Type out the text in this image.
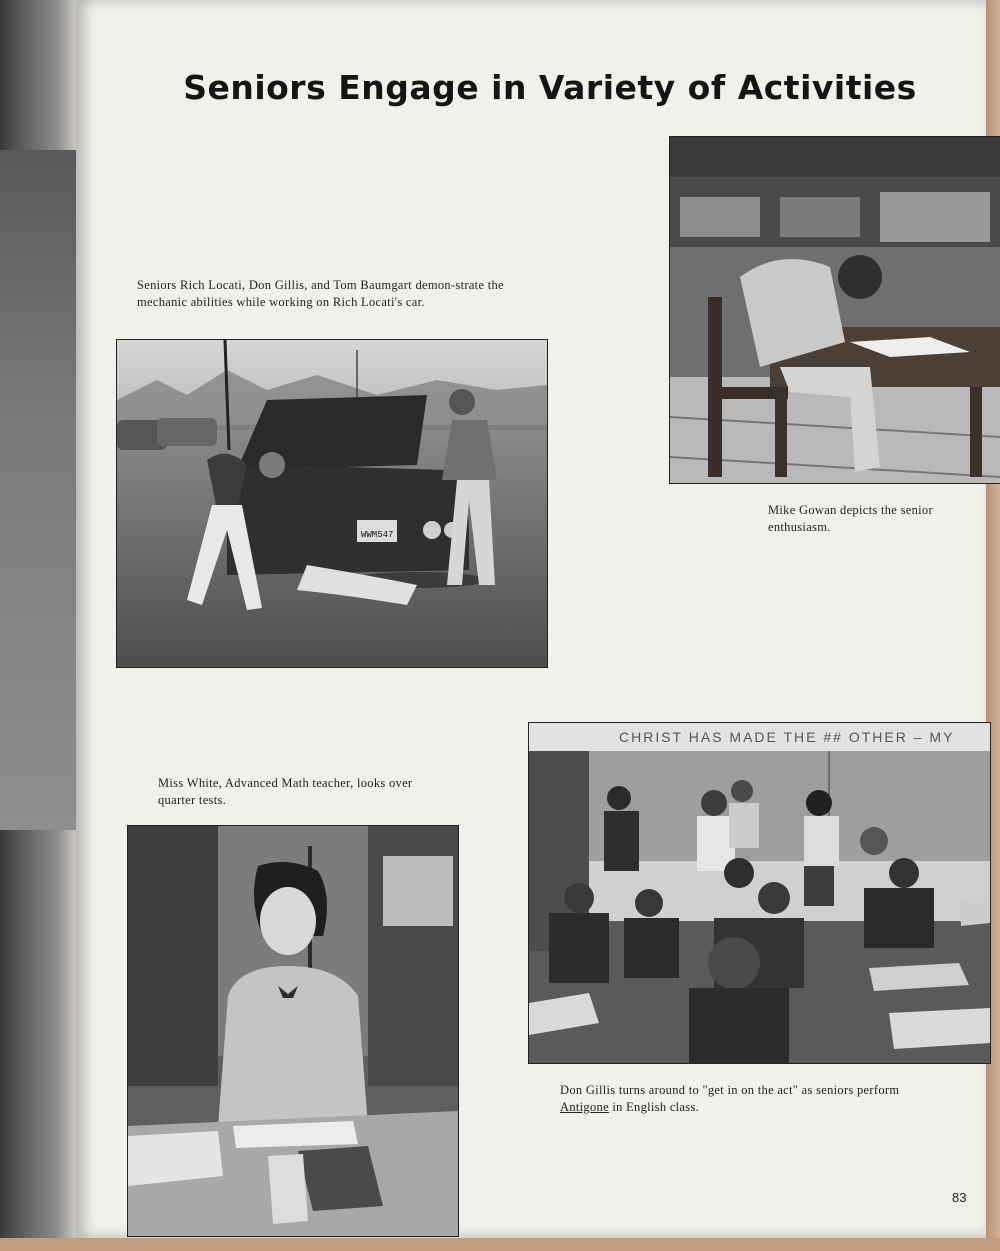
Seniors Engage in Variety of Activities
Seniors Rich Locati, Don Gillis, and Tom Baumgart demon-strate the mechanic abilities while working on Rich Locati's car.
WWM547
Mike Gowan depicts the senior enthusiasm.
Miss White, Advanced Math teacher, looks over quarter tests.
CHRIST HAS MADE THE ## OTHER – MY
Don Gillis turns around to "get in on the act" as seniors perform
Antigone in English class.
83
